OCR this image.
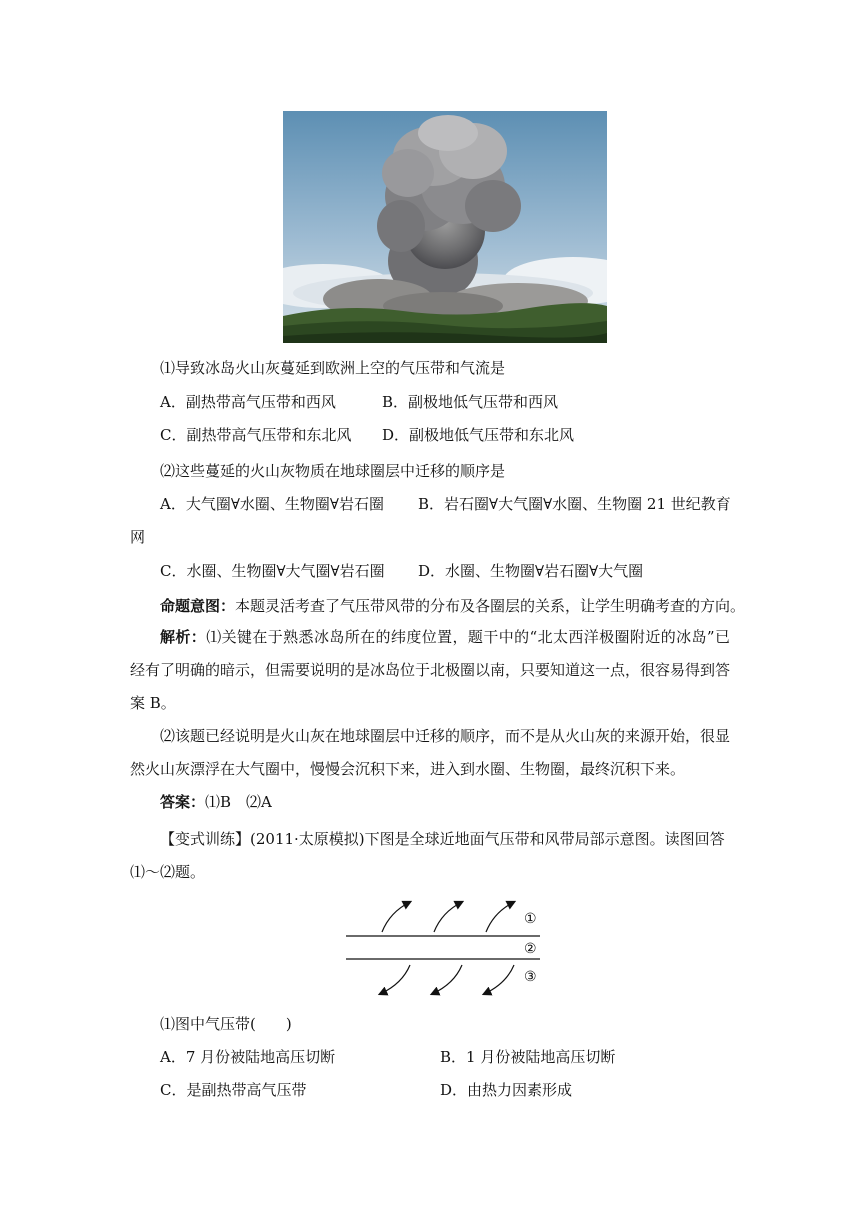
⑴导致冰岛火山灰蔓延到欧洲上空的气压带和气流是
A．副热带高气压带和西风	B．副极地低气压带和西风
C．副热带高气压带和东北风 D．副极地低气压带和东北风
⑵这些蔓延的火山灰物质在地球圈层中迁移的顺序是
A．大气圈∀水圈、生物圈∀岩石圈 B．岩石圈∀大气圈∀水圈、生物圈 21 世纪教育
网
C．水圈、生物圈∀大气圈∀岩石圈 D．水圈、生物圈∀岩石圈∀大气圈
命题意图：本题灵活考查了气压带风带的分布及各圈层的关系，让学生明确考查的方向。
解析：⑴关键在于熟悉冰岛所在的纬度位置，题干中的“北太西洋极圈附近的冰岛”已经有了明确的暗示，但需要说明的是冰岛位于北极圈以南，只要知道这一点，很容易得到答案 B。
⑵该题已经说明是火山灰在地球圈层中迁移的顺序，而不是从火山灰的来源开始，很显然火山灰漂浮在大气圈中，慢慢会沉积下来，进入到水圈、生物圈，最终沉积下来。
答案：⑴B　⑵A
【变式训练】(2011·太原模拟)下图是全球近地面气压带和风带局部示意图。读图回答
⑴～⑵题。
①
②
③
⑴图中气压带(　　)
A．7 月份被陆地高压切断	B．1 月份被陆地高压切断
C．是副热带高气压带	D．由热力因素形成
